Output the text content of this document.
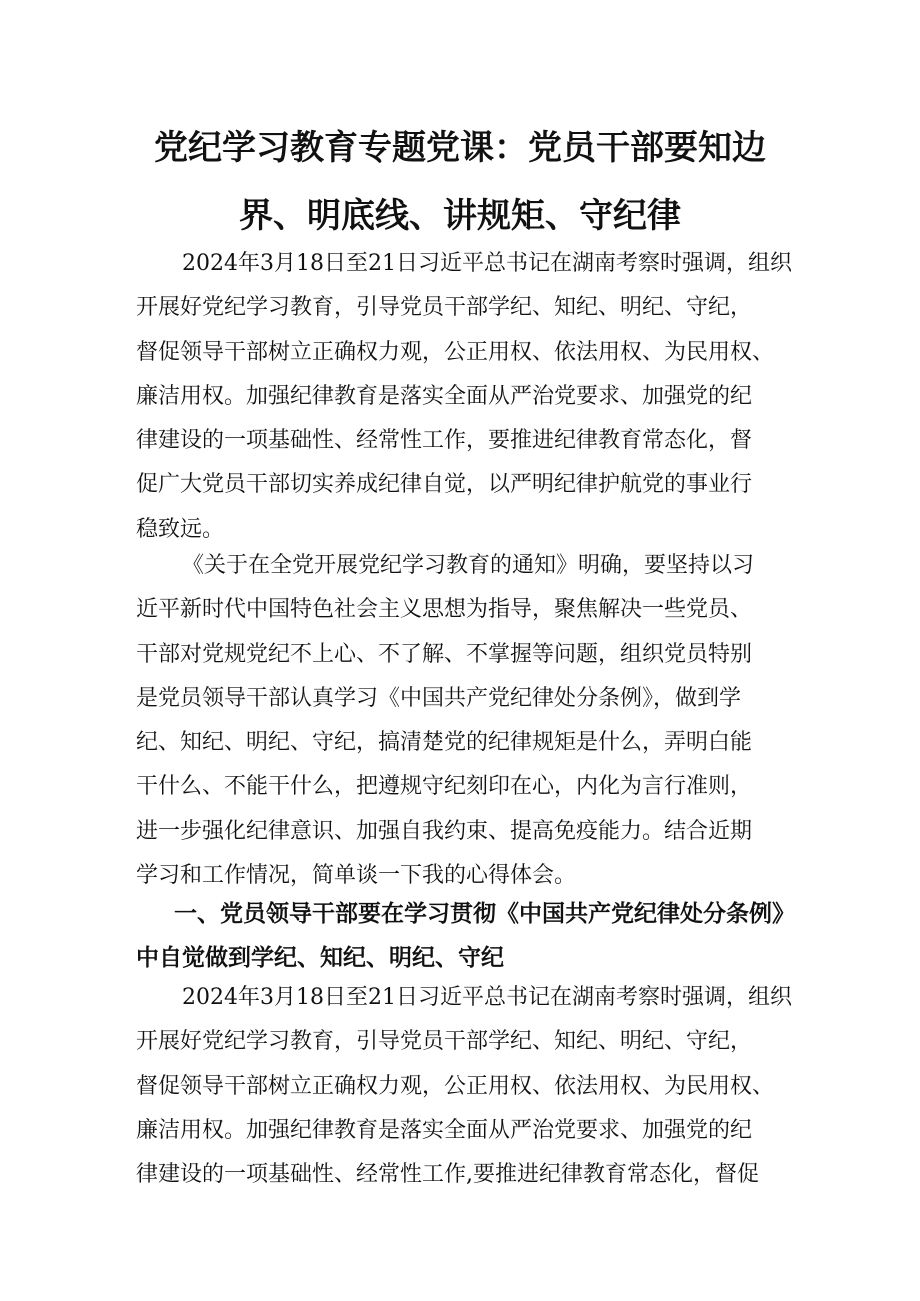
党纪学习教育专题党课：党员干部要知边
界、明底线、讲规矩、守纪律
2024年3月18日至21日习近平总书记在湖南考察时强调，组织
开展好党纪学习教育，引导党员干部学纪、知纪、明纪、守纪，
督促领导干部树立正确权力观，公正用权、依法用权、为民用权、
廉洁用权。加强纪律教育是落实全面从严治党要求、加强党的纪
律建设的一项基础性、经常性工作，要推进纪律教育常态化，督
促广大党员干部切实养成纪律自觉，以严明纪律护航党的事业行
稳致远。
《关于在全党开展党纪学习教育的通知》明确，要坚持以习
近平新时代中国特色社会主义思想为指导，聚焦解决一些党员、
干部对党规党纪不上心、不了解、不掌握等问题，组织党员特别
是党员领导干部认真学习《中国共产党纪律处分条例》，做到学
纪、知纪、明纪、守纪，搞清楚党的纪律规矩是什么，弄明白能
干什么、不能干什么，把遵规守纪刻印在心，内化为言行准则，
进一步强化纪律意识、加强自我约束、提高免疫能力。结合近期
学习和工作情况，简单谈一下我的心得体会。
一、党员领导干部要在学习贯彻《中国共产党纪律处分条例》
中自觉做到学纪、知纪、明纪、守纪
2024年3月18日至21日习近平总书记在湖南考察时强调，组织
开展好党纪学习教育，引导党员干部学纪、知纪、明纪、守纪，
督促领导干部树立正确权力观，公正用权、依法用权、为民用权、
廉洁用权。加强纪律教育是落实全面从严治党要求、加强党的纪
律建设的一项基础性、经常性工作,要推进纪律教育常态化，督促
